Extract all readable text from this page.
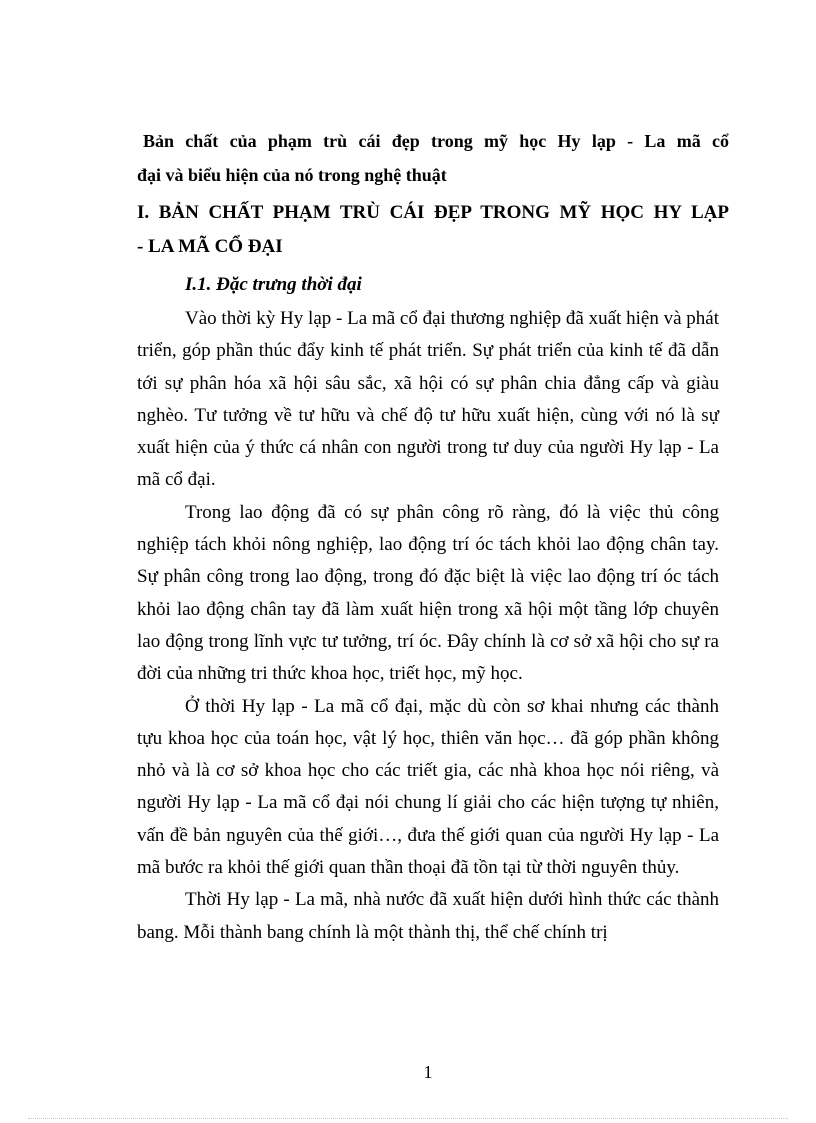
Bản chất của phạm trù cái đẹp trong mỹ học Hy lạp - La mã cổ
đại và biểu hiện của nó trong nghệ thuật
I. BẢN CHẤT PHẠM TRÙ CÁI ĐẸP TRONG MỸ HỌC HY LẠP
- LA MÃ CỔ ĐẠI
I.1. Đặc trưng thời đại

Vào thời kỳ Hy lạp - La mã cổ đại thương nghiệp đã xuất hiện và phát triển, góp phần thúc đẩy kinh tế phát triển. Sự phát triển của kinh tế đã dẫn tới sự phân hóa xã hội sâu sắc, xã hội có sự phân chia đẳng cấp và giàu nghèo. Tư tưởng về tư hữu và chế độ tư hữu xuất hiện, cùng với nó là sự xuất hiện của ý thức cá nhân con người trong tư duy của người Hy lạp - La mã cổ đại.

Trong lao động đã có sự phân công rõ ràng, đó là việc thủ công nghiệp tách khỏi nông nghiệp, lao động trí óc tách khỏi lao động chân tay. Sự phân công trong lao động, trong đó đặc biệt là việc lao động trí óc tách khỏi lao động chân tay đã làm xuất hiện trong xã hội một tầng lớp chuyên lao động trong lĩnh vực tư tưởng, trí óc. Đây chính là cơ sở xã hội cho sự ra đời của những tri thức khoa học, triết học, mỹ học.

Ở thời Hy lạp - La mã cổ đại, mặc dù còn sơ khai nhưng các thành tựu khoa học của toán học, vật lý học, thiên văn học… đã góp phần không nhỏ và là cơ sở khoa học cho các triết gia, các nhà khoa học nói riêng, và người Hy lạp - La mã cổ đại nói chung lí giải cho các hiện tượng tự nhiên, vấn đề bản nguyên của thế giới…, đưa thế giới quan của người Hy lạp - La mã bước ra khỏi thế giới quan thần thoại đã tồn tại từ thời nguyên thủy.

Thời Hy lạp - La mã, nhà nước đã xuất hiện dưới hình thức các thành bang. Mỗi thành bang chính là một thành thị, thể chế chính trị

1
